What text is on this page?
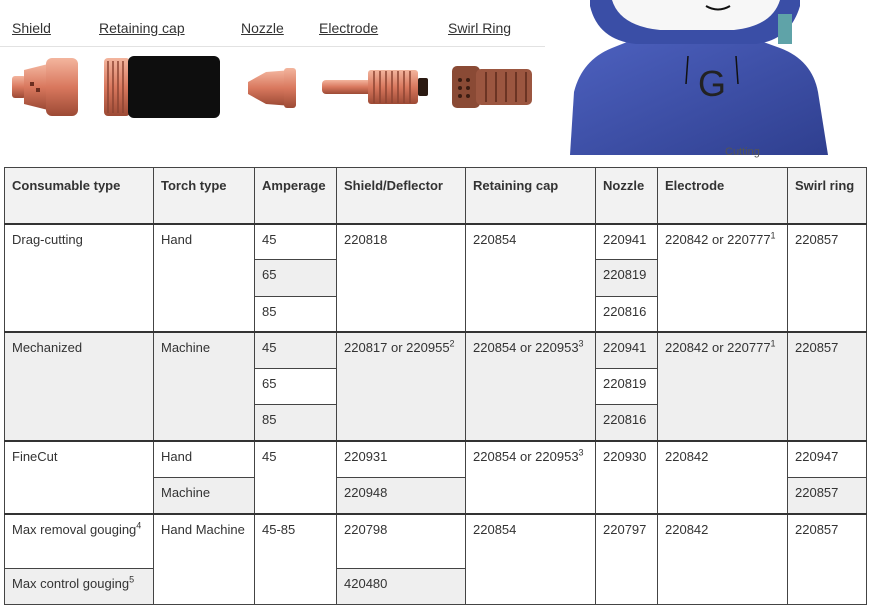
Shield	Retaining cap	Nozzle	Electrode	Swirl Ring
G
Cutting
Consumable type	Torch type	Amperage	Shield/Deflector	Retaining cap	Nozzle	Electrode	Swirl ring
Drag-cutting	Hand	45	220818	220854	220941	220842 or 220777$^1$	220857
		65			220819		
		85			220816		
Mechanized	Machine	45	220817 or 220955$^2$	220854 or 220953$^3$	220941	220842 or 220777$^1$	220857
		65			220819		
		85			220816		
FineCut	Hand	45	220931	220854 or 220953$^3$	220930	220842	220947
	Machine		220948				220857
Max removal gouging$^4$	Hand Machine	45-85	220798	220854	220797	220842	220857
Max control gouging$^5$			420480				
